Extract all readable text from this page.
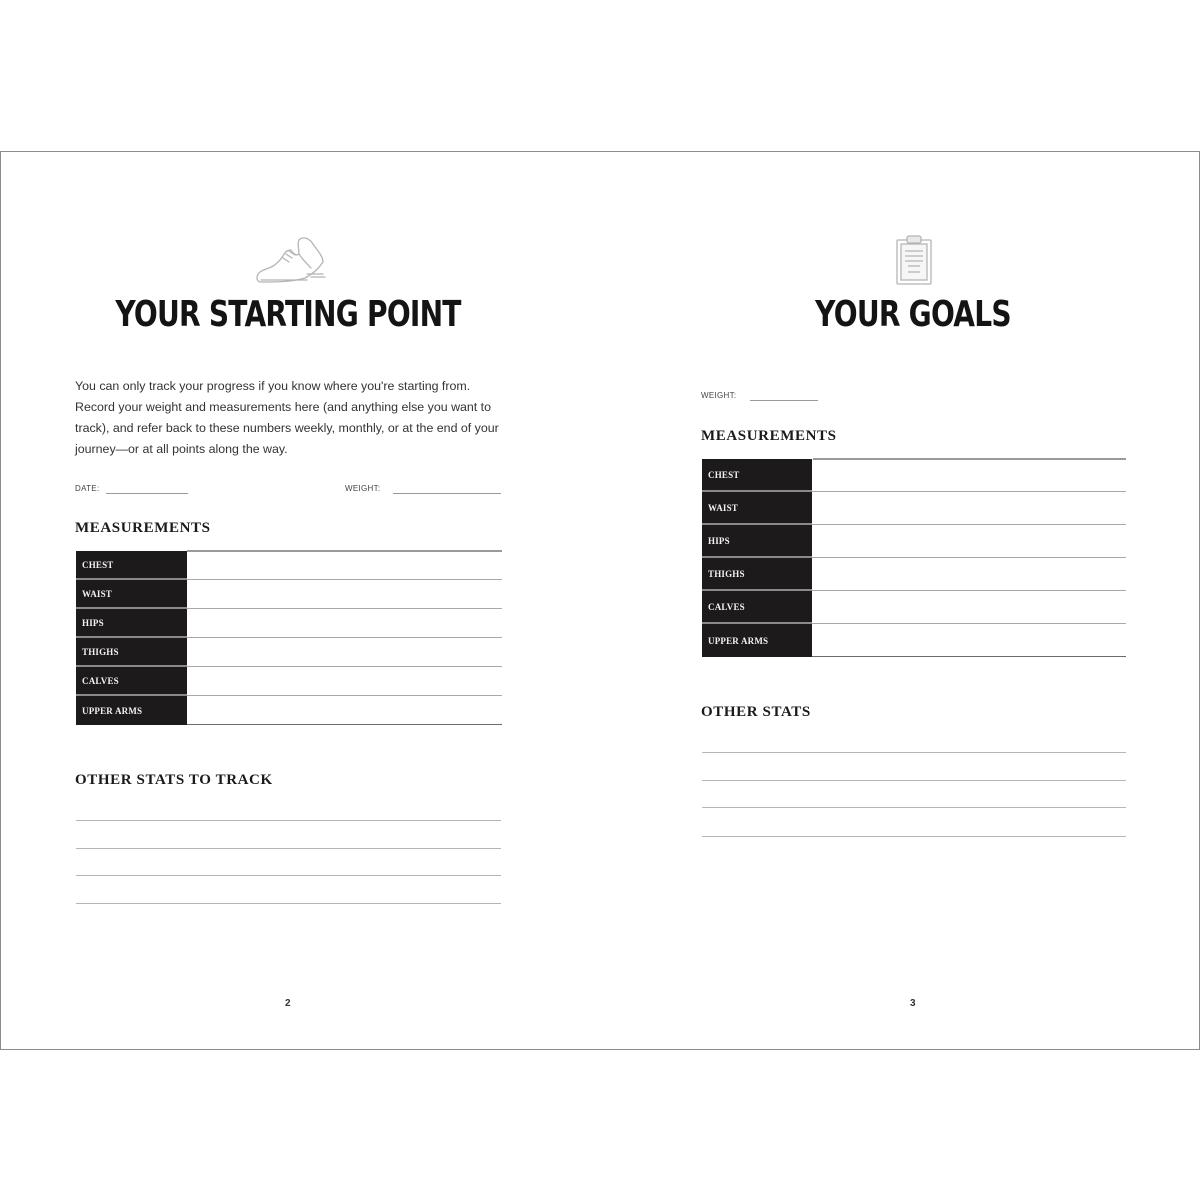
YOUR STARTING POINT

You can only track your progress if you know where you're starting from. Record your weight and measurements here (and anything else you want to track), and refer back to these numbers weekly, monthly, or at the end of your journey—or at all points along the way.

DATE:	WEIGHT:
MEASUREMENTS
CHEST
WAIST
HIPS
THIGHS
CALVES
UPPER ARMS
OTHER STATS TO TRACK
2
YOUR GOALS
WEIGHT:
MEASUREMENTS
CHEST
WAIST
HIPS
THIGHS
CALVES
UPPER ARMS
OTHER STATS
3
